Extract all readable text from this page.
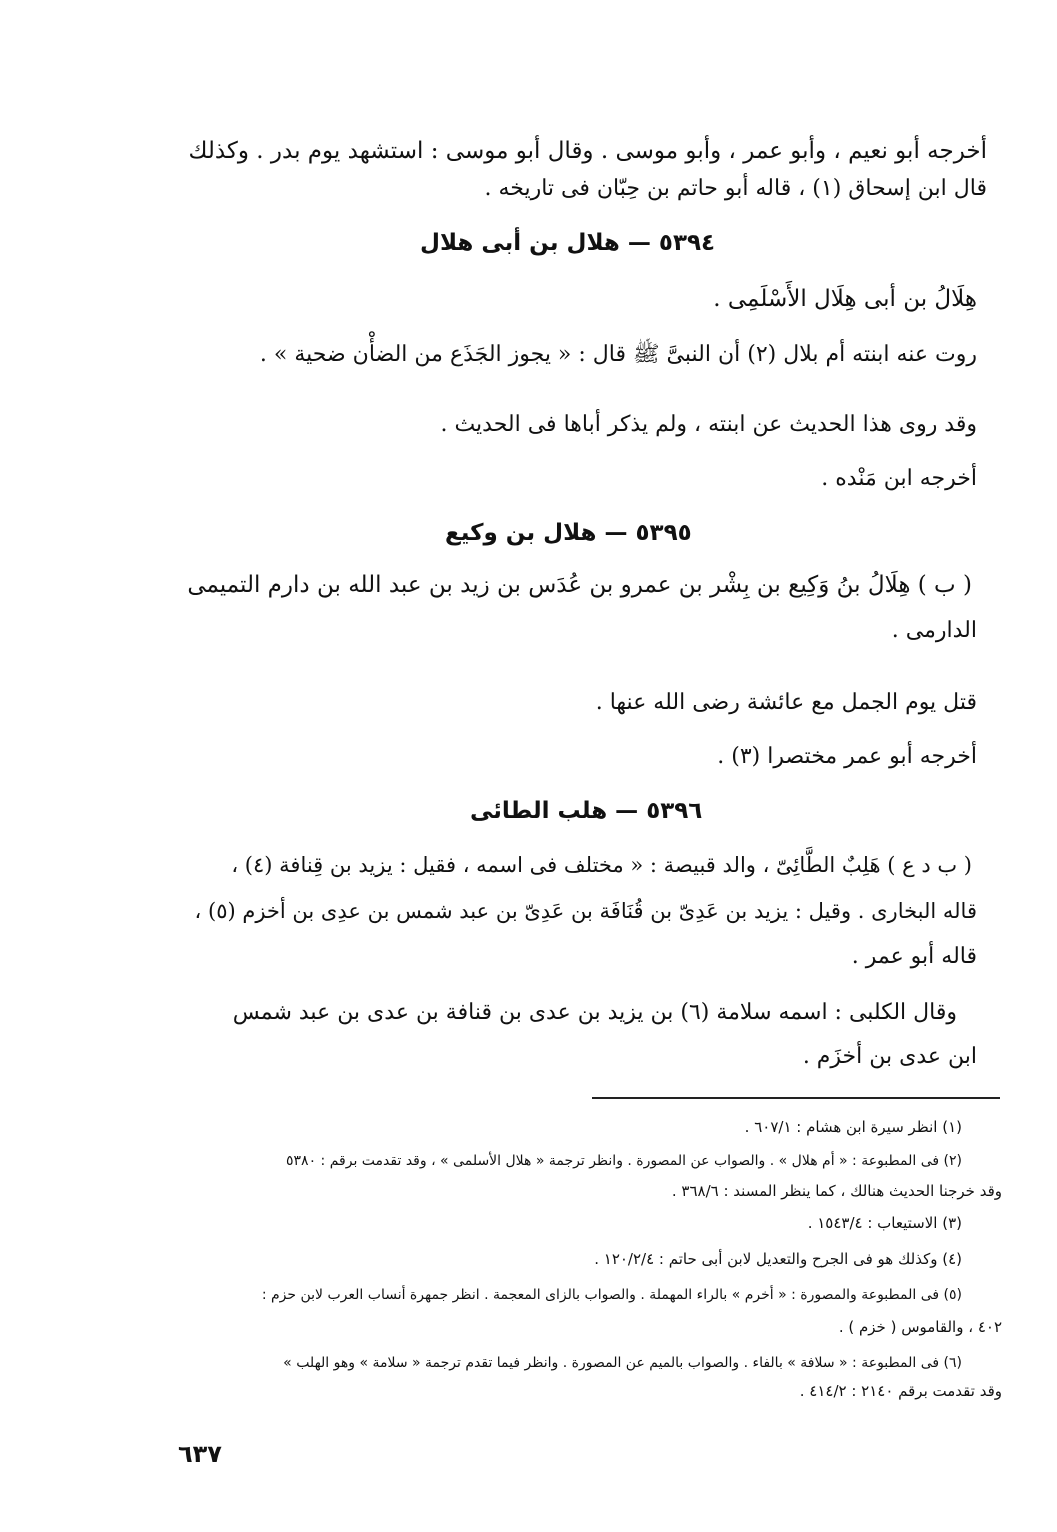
أخرجه أبو نعيم ، وأبو عمر ، وأبو موسى . وقال أبو موسى : استشهد يوم بدر . وكذلك
قال ابن إسحاق (١) ، قاله أبو حاتم بن حِبّان فى تاريخه .
٥٣٩٤ — هلال بن أبى هلال
هِلَالُ بن أبى هِلَال الأَسْلَمِى .
روت عنه ابنته أم بلال (٢) أن النبىَّ ﷺ قال : « يجوز الجَذَع من الضأْن ضحية » .
وقد روى هذا الحديث عن ابنته ، ولم يذكر أباها فى الحديث .
أخرجه ابن مَنْده .
٥٣٩٥ — هلال بن وكيع
( ب ) هِلَالُ بنُ وَكِيع بن بِشْر بن عمرو بن عُدَس بن زيد بن عبد الله بن دارم التميمى
الدارمى .
قتل يوم الجمل مع عائشة رضى الله عنها .
أخرجه أبو عمر مختصرا (٣) .
٥٣٩٦ — هلب الطائى
( ب د ع ) هَلِبٌ الطَّائِىّ ، والد قبيصة : « مختلف فى اسمه ، فقيل : يزيد بن قِنافة (٤) ،
قاله البخارى . وقيل : يزيد بن عَدِىّ بن قُنَافَة بن عَدِىّ بن عبد شمس بن عدِى بن أخزم (٥) ،
قاله أبو عمر .
وقال الكلبى : اسمه سلامة (٦) بن يزيد بن عدى بن قنافة بن عدى بن عبد شمس
ابن عدى بن أخزَم .
(١) انظر سيرة ابن هشام : ٦٠٧/١ .
(٢) فى المطبوعة : « أم هلال » . والصواب عن المصورة . وانظر ترجمة « هلال الأسلمى » ، وقد تقدمت برقم : ٥٣٨٠
وقد خرجنا الحديث هنالك ، كما ينظر المسند : ٣٦٨/٦ .
(٣) الاستيعاب : ١٥٤٣/٤ .
(٤) وكذلك هو فى الجرح والتعديل لابن أبى حاتم : ١٢٠/٢/٤ .
(٥) فى المطبوعة والمصورة : « أخرم » بالراء المهملة . والصواب بالزاى المعجمة . انظر جمهرة أنساب العرب لابن حزم :
٤٠٢ ، والقاموس ( خزم ) .
(٦) فى المطبوعة : « سلافة » بالفاء . والصواب بالميم عن المصورة . وانظر فيما تقدم ترجمة « سلامة » وهو الهلب »
وقد تقدمت برقم ٢١٤٠ : ٤١٤/٢ .
٦٣٧
